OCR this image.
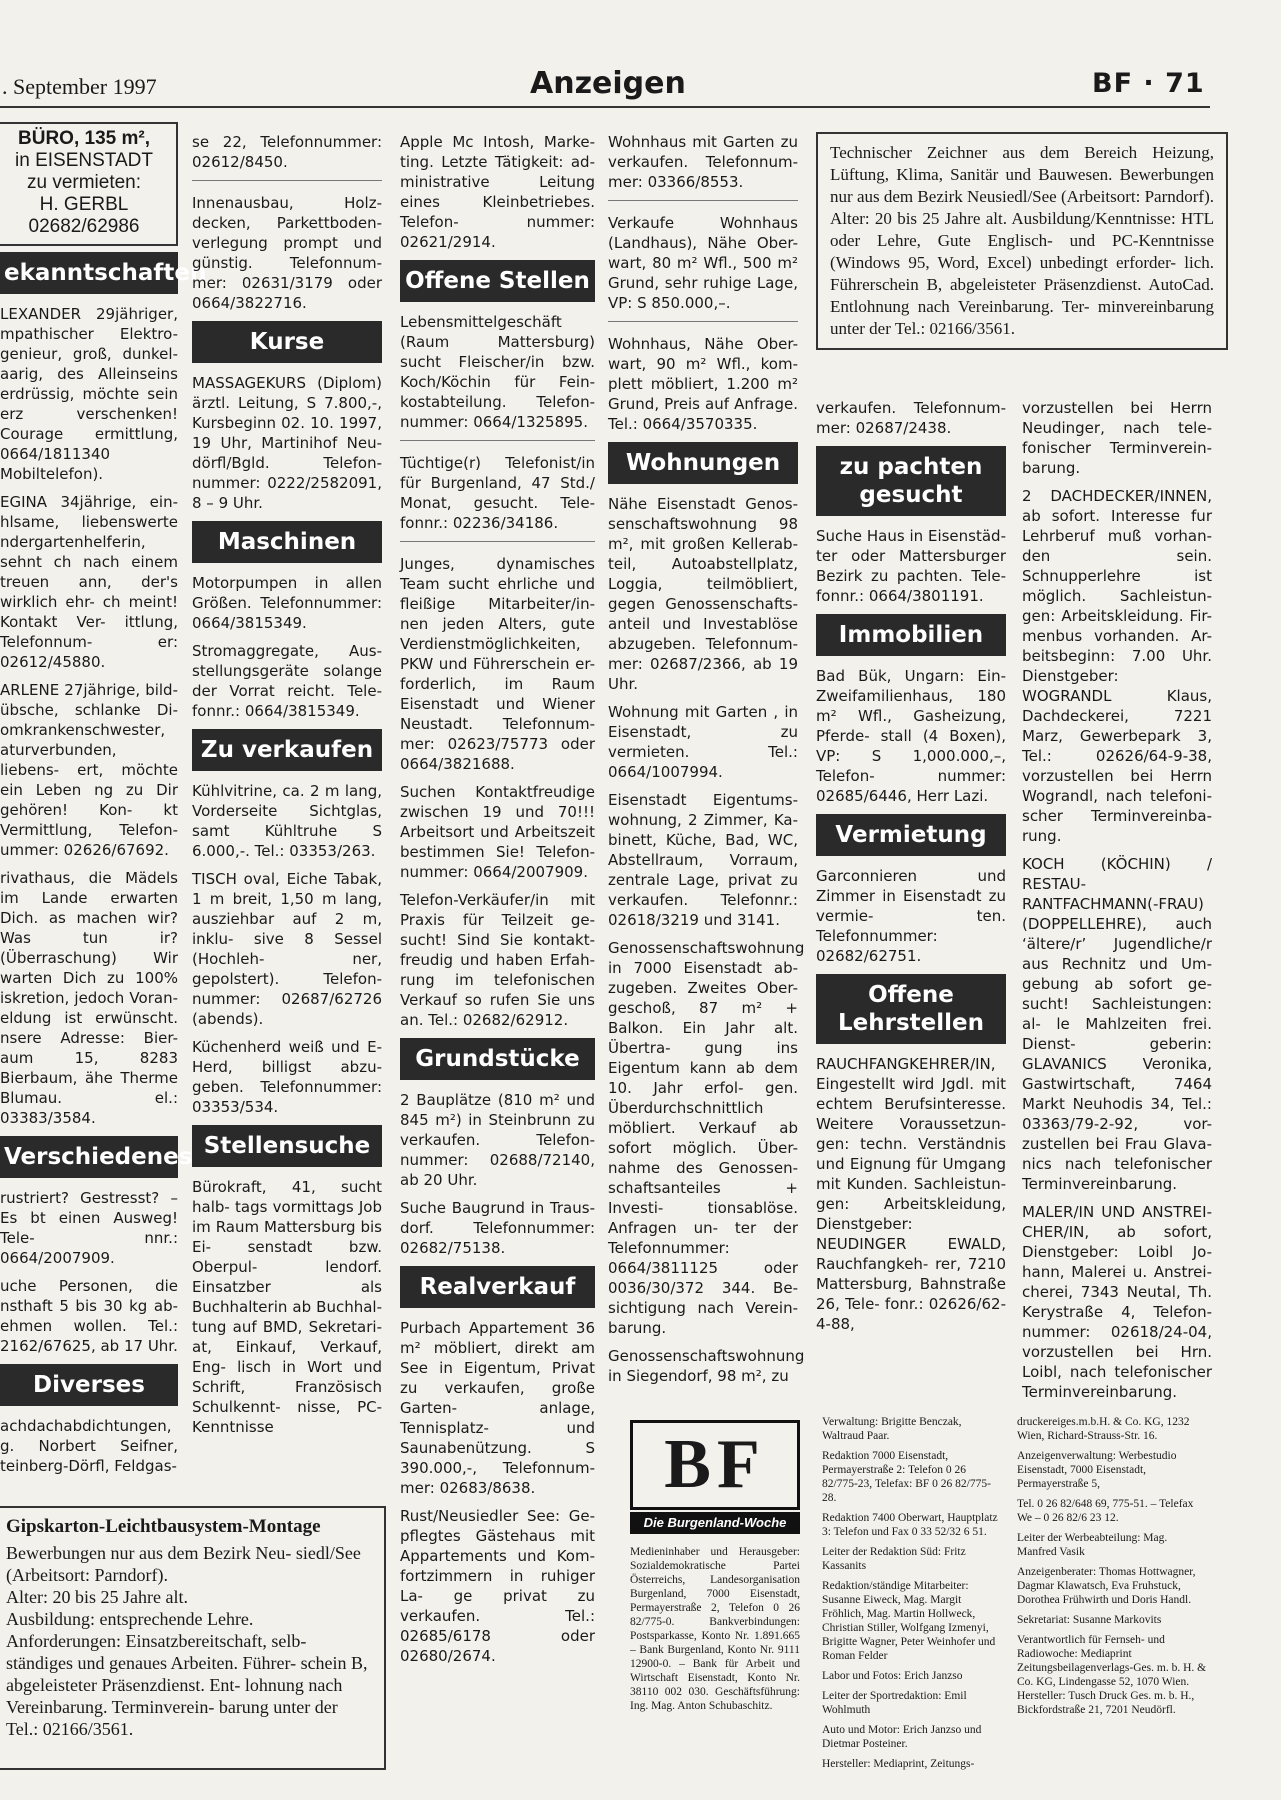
. September 1997	Anzeigen	BF · 71
BÜRO, 135 m²,
in EISENSTADT
zu vermieten:
H. GERBL
02682/62986
ekanntschaften

LEXANDER 29jähriger, mpathischer Elektro- genieur, groß, dunkel- aarig, des Alleinseins erdrüssig, möchte sein erz verschenken! Courage ermittlung, 0664/1811340 Mobiltelefon).

EGINA 34jährige, ein- hlsame, liebenswerte ndergartenhelferin, sehnt ch nach einem treuen ann, der's wirklich ehr- ch meint! Kontakt Ver- ittlung, Telefonnum- er: 02612/45880.

ARLENE 27jährige, bild- übsche, schlanke Di- omkrankenschwester, aturverbunden, liebens- ert, möchte ein Leben ng zu Dir gehören! Kon- kt Vermittlung, Telefon- ummer: 02626/67692.

rivathaus, die Mädels im Lande erwarten Dich. as machen wir? Was tun ir? (Überraschung) Wir warten Dich zu 100% iskretion, jedoch Voran- eldung ist erwünscht. nsere Adresse: Bier- aum 15, 8283 Bierbaum, ähe Therme Blumau. el.: 03383/3584.

Verschiedenes

rustriert? Gestresst? – Es bt einen Ausweg! Tele- nnr.: 0664/2007909.

uche Personen, die nsthaft 5 bis 30 kg ab- ehmen wollen. Tel.: 2162/67625, ab 17 Uhr.

Diverses

achdachabdichtungen, g. Norbert Seifner, teinberg-Dörfl, Feldgas-

se 22, Telefonnummer: 02612/8450.

Innenausbau, Holz- decken, Parkettboden- verlegung prompt und günstig. Telefonnum- mer: 02631/3179 oder 0664/3822716.

Kurse

MASSAGEKURS (Diplom) ärztl. Leitung, S 7.800,-, Kursbeginn 02. 10. 1997, 19 Uhr, Martinihof Neu- dörfl/Bgld. Telefon- nummer: 0222/2582091, 8 – 9 Uhr.

Maschinen

Motorpumpen in allen Größen. Telefonnummer: 0664/3815349.

Stromaggregate, Aus- stellungsgeräte solange der Vorrat reicht. Tele- fonnr.: 0664/3815349.

Zu verkaufen

Kühlvitrine, ca. 2 m lang, Vorderseite Sichtglas, samt Kühltruhe S 6.000,-. Tel.: 03353/263.

TISCH oval, Eiche Tabak, 1 m breit, 1,50 m lang, ausziehbar auf 2 m, inklu- sive 8 Sessel (Hochleh- ner, gepolstert). Telefon- nummer: 02687/62726 (abends).

Küchenherd weiß und E-Herd, billigst abzu- geben. Telefonnummer: 03353/534.

Stellensuche

Bürokraft, 41, sucht halb- tags vormittags Job im Raum Mattersburg bis Ei- senstadt bzw. Oberpul- lendorf. Einsatzber als Buchhalterin ab Buchhal- tung auf BMD, Sekretari- at, Einkauf, Verkauf, Eng- lisch in Wort und Schrift, Französisch Schulkennt- nisse, PC-Kenntnisse

Apple Mc Intosh, Marke- ting. Letzte Tätigkeit: ad- ministrative Leitung eines Kleinbetriebes. Telefon- nummer: 02621/2914.

Offene Stellen

Lebensmittelgeschäft (Raum Mattersburg) sucht Fleischer/in bzw. Koch/Köchin für Fein- kostabteilung. Telefon- nummer: 0664/1325895.

Tüchtige(r) Telefonist/in für Burgenland, 47 Std./ Monat, gesucht. Tele- fonnr.: 02236/34186.

Junges, dynamisches Team sucht ehrliche und fleißige Mitarbeiter/in- nen jeden Alters, gute Verdienstmöglichkeiten, PKW und Führerschein er- forderlich, im Raum Eisenstadt und Wiener Neustadt. Telefonnum- mer: 02623/75773 oder 0664/3821688.

Suchen Kontaktfreudige zwischen 19 und 70!!! Arbeitsort und Arbeitszeit bestimmen Sie! Telefon- nummer: 0664/2007909.

Telefon-Verkäufer/in mit Praxis für Teilzeit ge- sucht! Sind Sie kontakt- freudig und haben Erfah- rung im telefonischen Verkauf so rufen Sie uns an. Tel.: 02682/62912.

Grundstücke

2 Bauplätze (810 m² und 845 m²) in Steinbrunn zu verkaufen. Telefon- nummer: 02688/72140, ab 20 Uhr.

Suche Baugrund in Traus- dorf. Telefonnummer: 02682/75138.

Realverkauf

Purbach Appartement 36 m² möbliert, direkt am See in Eigentum, Privat zu verkaufen, große Garten- anlage, Tennisplatz- und Saunabenützung. S 390.000,-, Telefonnum- mer: 02683/8638.

Rust/Neusiedler See: Ge- pflegtes Gästehaus mit Appartements und Kom- fortzimmern in ruhiger La- ge privat zu verkaufen. Tel.: 02685/6178 oder 02680/2674.

Wohnhaus mit Garten zu verkaufen. Telefonnum- mer: 03366/8553.

Verkaufe Wohnhaus (Landhaus), Nähe Ober- wart, 80 m² Wfl., 500 m² Grund, sehr ruhige Lage, VP: S 850.000,–.

Wohnhaus, Nähe Ober- wart, 90 m² Wfl., kom- plett möbliert, 1.200 m² Grund, Preis auf Anfrage. Tel.: 0664/3570335.

Wohnungen

Nähe Eisenstadt Genos- senschaftswohnung 98 m², mit großen Kellerab- teil, Autoabstellplatz, Loggia, teilmöbliert, gegen Genossenschafts- anteil und Investablöse abzugeben. Telefonnum- mer: 02687/2366, ab 19 Uhr.

Wohnung mit Garten , in Eisenstadt, zu vermieten. Tel.: 0664/1007994.

Eisenstadt Eigentums- wohnung, 2 Zimmer, Ka- binett, Küche, Bad, WC, Abstellraum, Vorraum, zentrale Lage, privat zu verkaufen. Telefonnr.: 02618/3219 und 3141.

Genossenschaftswohnung in 7000 Eisenstadt ab- zugeben. Zweites Ober- geschoß, 87 m² + Balkon. Ein Jahr alt. Übertra- gung ins Eigentum kann ab dem 10. Jahr erfol- gen. Überdurchschnittlich möbliert. Verkauf ab sofort möglich. Über- nahme des Genossen- schaftsanteiles + Investi- tionsablöse. Anfragen un- ter der Telefonnummer: 0664/3811125 oder 0036/30/372 344. Be- sichtigung nach Verein- barung.

Genossenschaftswohnung in Siegendorf, 98 m², zu

Technischer Zeichner aus dem Bereich Heizung, Lüftung, Klima, Sanitär und Bauwesen. Bewerbungen nur aus dem Bezirk Neusiedl/See (Arbeitsort: Parndorf). Alter: 20 bis 25 Jahre alt. Ausbildung/Kenntnisse: HTL oder Lehre, Gute Englisch- und PC-Kenntnisse (Windows 95, Word, Excel) unbedingt erforder- lich. Führerschein B, abgeleisteter Präsenzdienst. AutoCad. Entlohnung nach Vereinbarung. Ter- minvereinbarung unter der Tel.: 02166/3561.

verkaufen. Telefonnum- mer: 02687/2438.

zu pachten gesucht

Suche Haus in Eisenstäd- ter oder Mattersburger Bezirk zu pachten. Tele- fonnr.: 0664/3801191.

Immobilien

Bad Bük, Ungarn: Ein- Zweifamilienhaus, 180 m² Wfl., Gasheizung, Pferde- stall (4 Boxen), VP: S 1,000.000,–, Telefon- nummer: 02685/6446, Herr Lazi.

Vermietung

Garconnieren und Zimmer in Eisenstadt zu vermie- ten. Telefonnummer: 02682/62751.

Offene Lehrstellen

RAUCHFANGKEHRER/IN, Eingestellt wird Jgdl. mit echtem Berufsinteresse. Weitere Voraussetzun- gen: techn. Verständnis und Eignung für Umgang mit Kunden. Sachleistun- gen: Arbeitskleidung, Dienstgeber: NEUDINGER EWALD, Rauchfangkeh- rer, 7210 Mattersburg, Bahnstraße 26, Tele- fonr.: 02626/62-4-88,

vorzustellen bei Herrn Neudinger, nach tele- fonischer Terminverein- barung.

2 DACHDECKER/INNEN, ab sofort. Interesse fur Lehrberuf muß vorhan- den sein. Schnupperlehre ist möglich. Sachleistun- gen: Arbeitskleidung. Fir- menbus vorhanden. Ar- beitsbeginn: 7.00 Uhr. Dienstgeber: WOGRANDL Klaus, Dachdeckerei, 7221 Marz, Gewerbepark 3, Tel.: 02626/64-9-38, vorzustellen bei Herrn Wograndl, nach telefoni- scher Terminvereinba- rung.

KOCH (KÖCHIN) / RESTAU- RANTFACHMANN(-FRAU) (DOPPELLEHRE), auch ‘ältere/r’ Jugendliche/r aus Rechnitz und Um- gebung ab sofort ge- sucht! Sachleistungen: al- le Mahlzeiten frei. Dienst- geberin: GLAVANICS Veronika, Gastwirtschaft, 7464 Markt Neuhodis 34, Tel.: 03363/79-2-92, vor- zustellen bei Frau Glava- nics nach telefonischer Terminvereinbarung.

MALER/IN UND ANSTREI- CHER/IN, ab sofort, Dienstgeber: Loibl Jo- hann, Malerei u. Anstrei- cherei, 7343 Neutal, Th. Kerystraße 4, Telefon- nummer: 02618/24-04, vorzustellen bei Hrn. Loibl, nach telefonischer Terminvereinbarung.

Gipskarton-Leichtbausystem-Montage
Bewerbungen nur aus dem Bezirk Neu- siedl/See (Arbeitsort: Parndorf).
Alter: 20 bis 25 Jahre alt.
Ausbildung: entsprechende Lehre.
Anforderungen: Einsatzbereitschaft, selb- ständiges und genaues Arbeiten. Führer- schein B, abgeleisteter Präsenzdienst. Ent- lohnung nach Vereinbarung. Terminverein- barung unter der Tel.: 02166/3561.
BF
Die Burgenland-Woche
Medieninhaber und Herausgeber: Sozialdemokratische Partei Österreichs, Landesorganisation Burgenland, 7000 Eisenstadt, Permayerstraße 2, Telefon 0 26 82/775-0. Bankverbindungen: Postsparkasse, Konto Nr. 1.891.665 – Bank Burgenland, Konto Nr. 9111 12900-0. – Bank für Arbeit und Wirtschaft Eisenstadt, Konto Nr. 38110 002 030. Geschäftsführung: Ing. Mag. Anton Schubaschitz.

Verwaltung: Brigitte Benczak, Waltraud Paar.

Redaktion 7000 Eisenstadt, Permayerstraße 2: Telefon 0 26 82/775-23, Telefax: BF 0 26 82/775-28.

Redaktion 7400 Oberwart, Hauptplatz 3: Telefon und Fax 0 33 52/32 6 51.

Leiter der Redaktion Süd: Fritz Kassanits

Redaktion/ständige Mitarbeiter: Susanne Eiweck, Mag. Margit Fröhlich, Mag. Martin Hollweck, Christian Stiller, Wolfgang Izmenyi, Brigitte Wagner, Peter Weinhofer und Roman Felder

Labor und Fotos: Erich Janzso

Leiter der Sportredaktion: Emil Wohlmuth

Auto und Motor: Erich Janzso und Dietmar Posteiner.

Hersteller: Mediaprint, Zeitungs-

druckereiges.m.b.H. & Co. KG, 1232 Wien, Richard-Strauss-Str. 16.

Anzeigenverwaltung: Werbestudio Eisenstadt, 7000 Eisenstadt, Permayerstraße 5,

Tel. 0 26 82/648 69, 775-51. – Telefax We – 0 26 82/6 23 12.

Leiter der Werbeabteilung: Mag. Manfred Vasik

Anzeigenberater: Thomas Hottwagner, Dagmar Klawatsch, Eva Fruhstuck, Dorothea Frühwirth und Doris Handl.

Sekretariat: Susanne Markovits

Verantwortlich für Fernseh- und Radiowoche: Mediaprint Zeitungsbeilagenverlags-Ges. m. b. H. & Co. KG, Lindengasse 52, 1070 Wien. Hersteller: Tusch Druck Ges. m. b. H., Bickfordstraße 21, 7201 Neudörfl.
